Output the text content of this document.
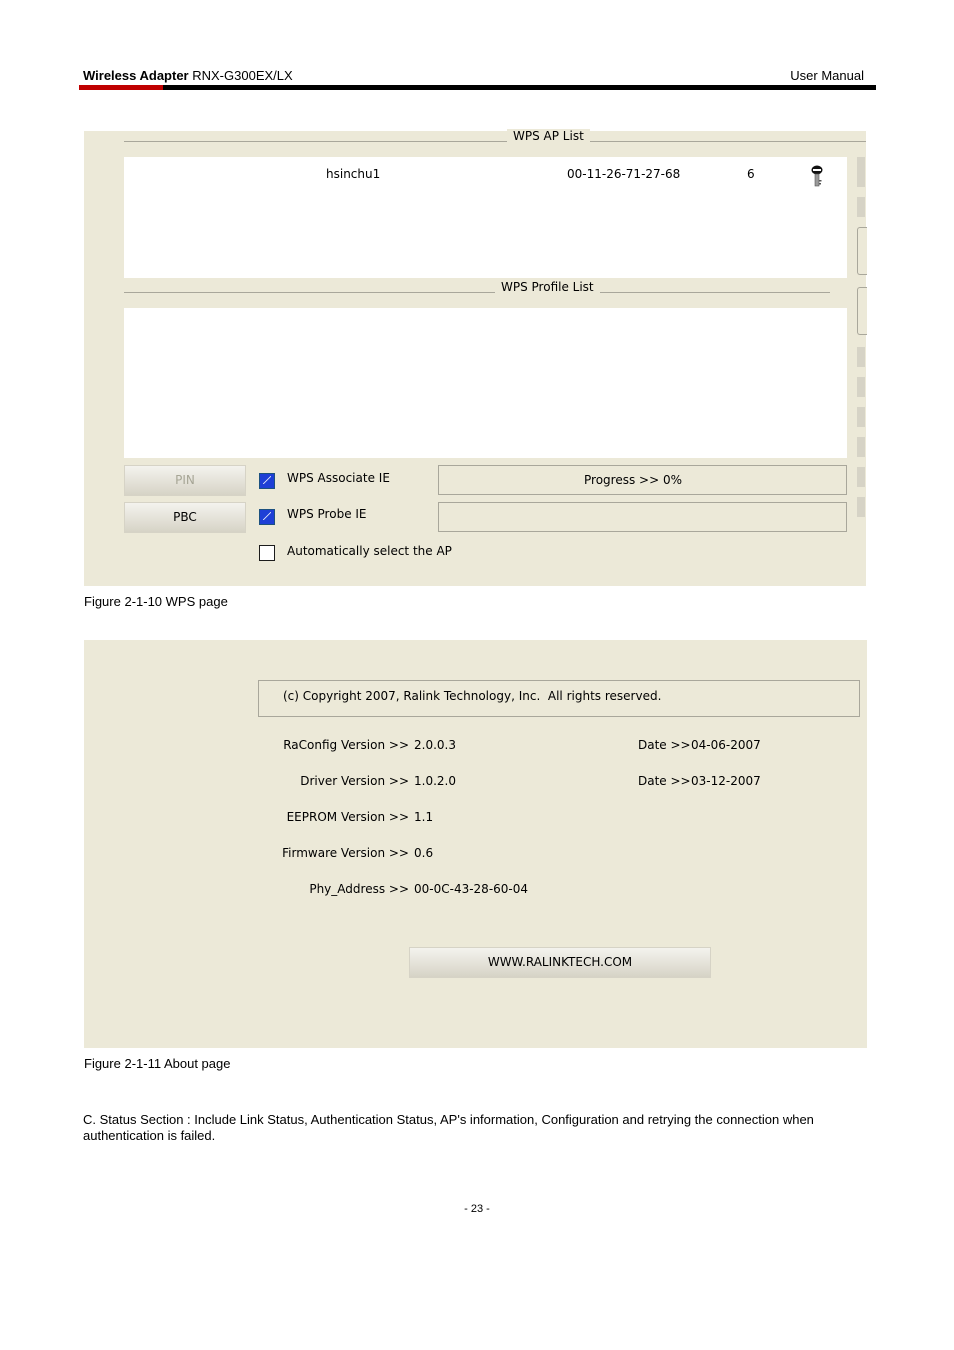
Wireless Adapter RNX-G300EX/LX	User Manual
WPS AP List
hsinchu1	00-11-26-71-27-68	6
WPS Profile List
PIN
PBC
WPS Associate IE
WPS Probe IE
Automatically select the AP
Progress >> 0%
Figure 2-1-10 WPS page
(c) Copyright 2007, Ralink Technology, Inc.  All rights reserved.
RaConfig Version >> 2.0.0.3	Date >> 04-06-2007
Driver Version >> 1.0.2.0	Date >> 03-12-2007
EEPROM Version >> 1.1
Firmware Version >> 0.6
Phy_Address >> 00-0C-43-28-60-04
WWW.RALINKTECH.COM
Figure 2-1-11 About page
C. Status Section : Include Link Status, Authentication Status, AP's information, Configuration and retrying the connection when authentication is failed.
- 23 -
